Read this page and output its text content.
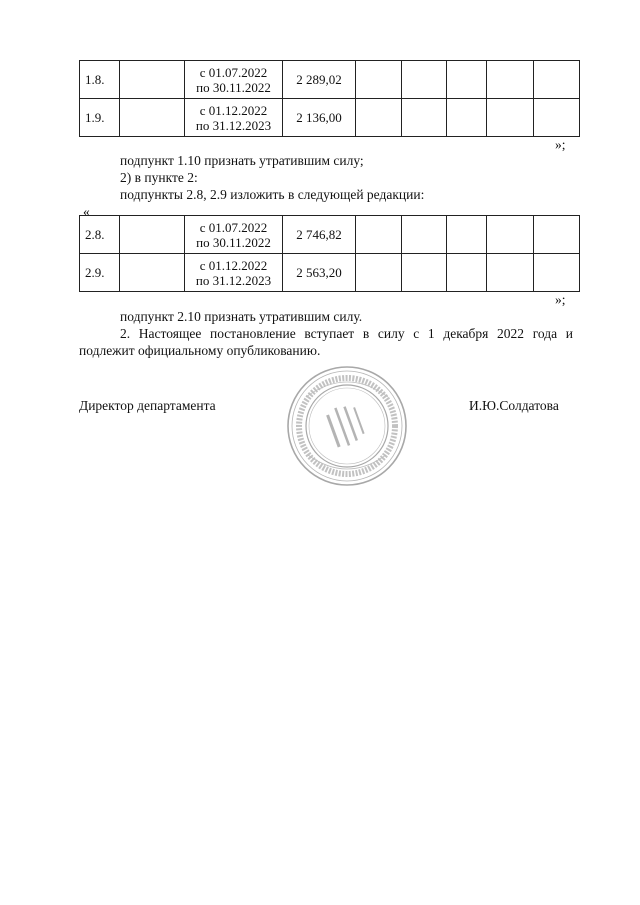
1.8.		с 01.07.2022
по 30.11.2022	2 289,02					
1.9.		с 01.12.2022
по 31.12.2023	2 136,00					
»;
подпункт 1.10 признать утратившим силу;
2) в пункте 2:
подпункты 2.8, 2.9 изложить в следующей редакции:
«
2.8.		с 01.07.2022
по 30.11.2022	2 746,82					
2.9.		с 01.12.2022
по 31.12.2023	2 563,20					
»;
подпункт 2.10 признать утратившим силу.
2. Настоящее постановление вступает в силу с 1 декабря 2022 года и подлежит официальному опубликованию.
Директор департамента	И.Ю.Солдатова
